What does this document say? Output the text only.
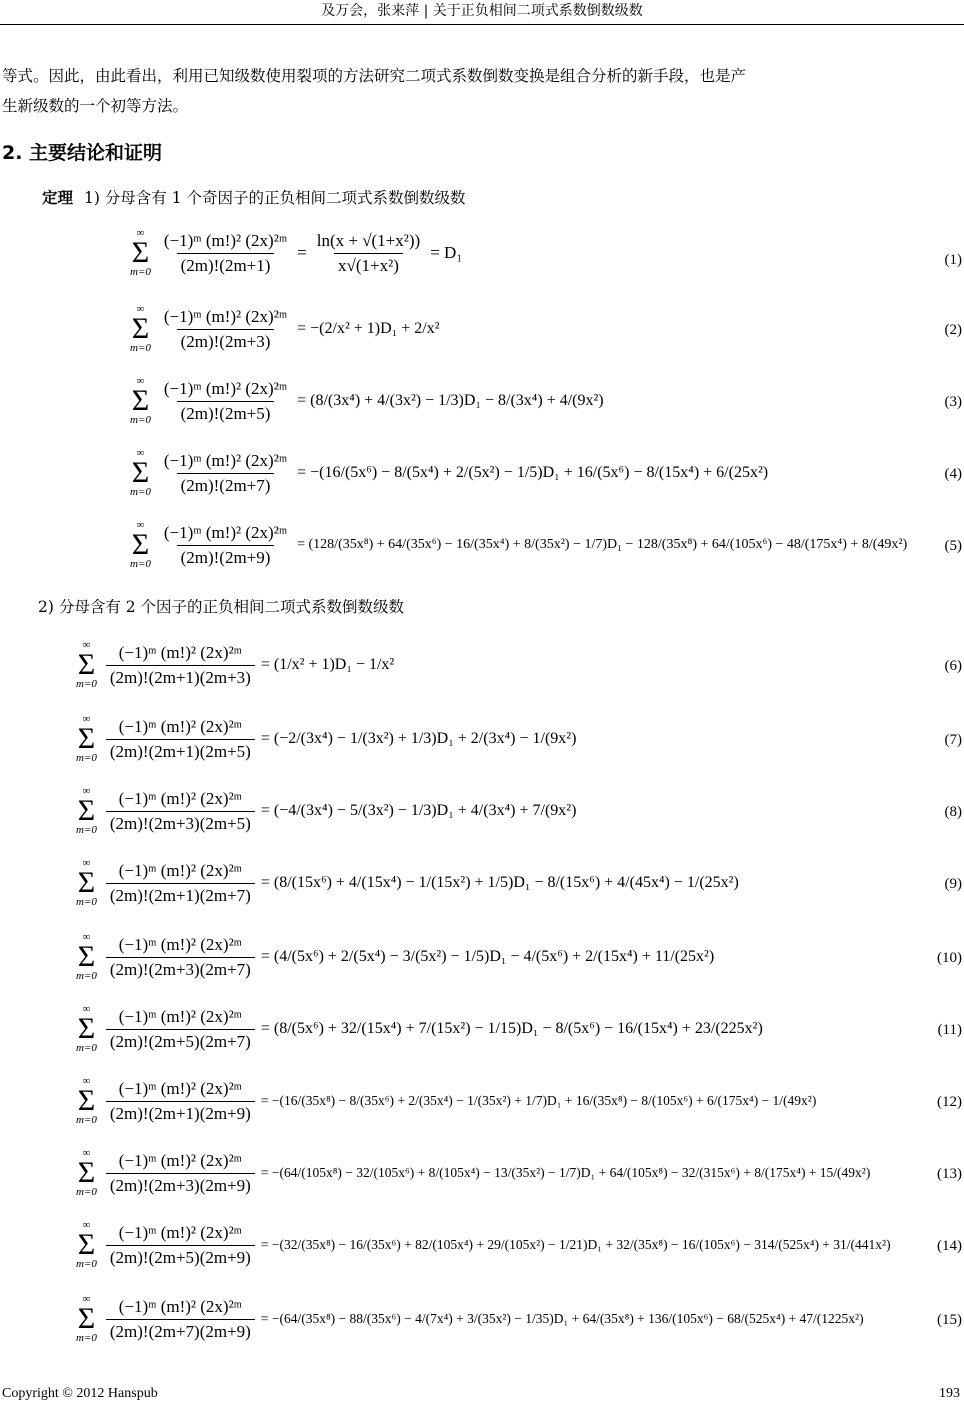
及万会，张来萍 | 关于正负相间二项式系数倒数级数
等式。因此，由此看出，利用已知级数使用裂项的方法研究二项式系数倒数变换是组合分析的新手段，也是产
生新级数的一个初等方法。
2. 主要结论和证明
定理 1) 分母含有 1 个奇因子的正负相间二项式系数倒数级数
2) 分母含有 2 个因子的正负相间二项式系数倒数级数
∞
Σ
$m=0 \frac{\text{(−1)ᵐ (m!)² (2x)²ᵐ}}{(2m)!(2m+1)} = \frac{\text{ln(x + √(1+x²))}}{\text{x√(1+x²)}} = D_1$	(1)
∞
Σ
$m=0 \frac{\text{(−1)ᵐ (m!)² (2x)²ᵐ}}{(2m)!(2m+3)} = -(2/x^2 + 1)D_1 + 2/x^2$	(2)
∞
Σ
$m=0 \frac{\text{(−1)ᵐ (m!)² (2x)²ᵐ}}{(2m)!(2m+5)} = (8/(3x^4) + 4/(3x^2) - 1/3)D_1 - 8/(3x^4) + 4/(9x^2)$	(3)
∞
Σ
$m=0 \frac{\text{(−1)ᵐ (m!)² (2x)²ᵐ}}{(2m)!(2m+7)} = -(16/(5x^6) - 8/(5x^4) + 2/(5x^2) - 1/5)D_1 + 16/(5x^6) - 8/(15x^4) + 6/(25x^2)$	(4)
∞
Σ
$m=0 \frac{\text{(−1)ᵐ (m!)² (2x)²ᵐ}}{(2m)!(2m+9)} = (128/(35x^8) + 64/(35x^6) - 16/(35x^4) + 8/(35x^2) - 1/7)D_1 - 128/(35x^8) + 64/(105x^6) - 48/(175x^4) + 8/(49x^2)$ (5)
∞
Σ
$m=0 \frac{\text{(−1)ᵐ (m!)² (2x)²ᵐ}}{(2m)!(2m+1)(2m+3)} = (1/x^2 + 1)D_1 - 1/x^2$	(6)
∞
Σ
$m=0 \frac{\text{(−1)ᵐ (m!)² (2x)²ᵐ}}{(2m)!(2m+1)(2m+5)} = (-2/(3x^4) - 1/(3x^2) + 1/3)D_1 + 2/(3x^4) - 1/(9x^2)$	(7)
∞
Σ
$m=0 \frac{\text{(−1)ᵐ (m!)² (2x)²ᵐ}}{(2m)!(2m+3)(2m+5)} = (-4/(3x^4) - 5/(3x^2) - 1/3)D_1 + 4/(3x^4) + 7/(9x^2)$	(8)
∞
Σ
$m=0 \frac{\text{(−1)ᵐ (m!)² (2x)²ᵐ}}{(2m)!(2m+1)(2m+7)} = (8/(15x^6) + 4/(15x^4) - 1/(15x^2) + 1/5)D_1 - 8/(15x^6) + 4/(45x^4) - 1/(25x^2)$	(9)
∞
Σ
$m=0 \frac{\text{(−1)ᵐ (m!)² (2x)²ᵐ}}{(2m)!(2m+3)(2m+7)} = (4/(5x^6) + 2/(5x^4) - 3/(5x^2) - 1/5)D_1 - 4/(5x^6) + 2/(15x^4) + 11/(25x^2)$	(10)
∞
Σ
$m=0 \frac{\text{(−1)ᵐ (m!)² (2x)²ᵐ}}{(2m)!(2m+5)(2m+7)} = (8/(5x^6) + 32/(15x^4) + 7/(15x^2) - 1/15)D_1 - 8/(5x^6) - 16/(15x^4) + 23/(225x^2)$	(11)
∞
Σ
$m=0 \frac{\text{(−1)ᵐ (m!)² (2x)²ᵐ}}{(2m)!(2m+1)(2m+9)} = -(16/(35x^8) - 8/(35x^6) + 2/(35x^4) - 1/(35x^2) + 1/7)D_1 + 16/(35x^8) - 8/(105x^6) + 6/(175x^4) - 1/(49x^2)$	(12)
∞
Σ
$m=0 \frac{\text{(−1)ᵐ (m!)² (2x)²ᵐ}}{(2m)!(2m+3)(2m+9)} = -(64/(105x^8) - 32/(105x^6) + 8/(105x^4) - 13/(35x^2) - 1/7)D_1 + 64/(105x^8) - 32/(315x^6) + 8/(175x^4) + 15/(49x^2)$	(13)
∞
Σ
$m=0 \frac{\text{(−1)ᵐ (m!)² (2x)²ᵐ}}{(2m)!(2m+5)(2m+9)} = -(32/(35x^8) - 16/(35x^6) + 82/(105x^4) + 29/(105x^2) - 1/21)D_1 + 32/(35x^8) - 16/(105x^6) - 314/(525x^4) + 31/(441x^2)$	(14)
∞
Σ
$m=0 \frac{\text{(−1)ᵐ (m!)² (2x)²ᵐ}}{(2m)!(2m+7)(2m+9)} = -(64/(35x^8) - 88/(35x^6) - 4/(7x^4) + 3/(35x^2) - 1/35)D_1 + 64/(35x^8) + 136/(105x^6) - 68/(525x^4) + 47/(1225x^2)$	(15)
Copyright © 2012 Hanspub	193
